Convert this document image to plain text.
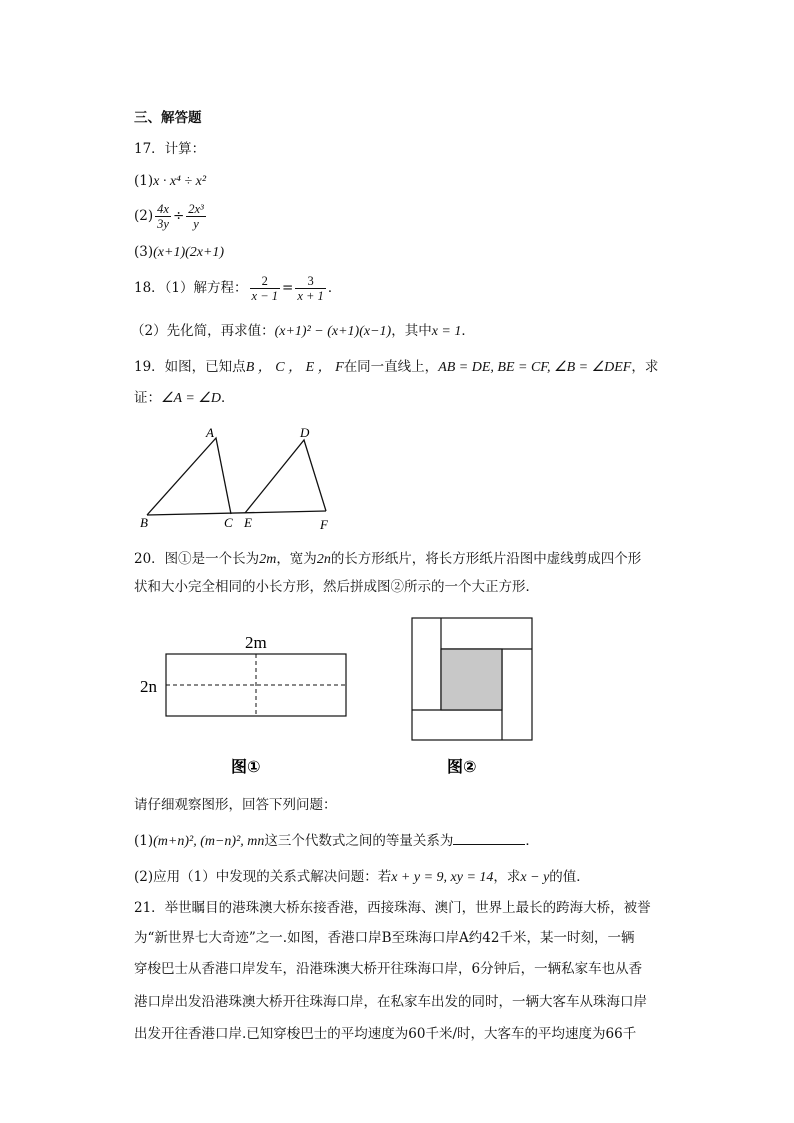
三、解答题
17．计算：
(1)x · x⁴ ÷ x²
$(2) \frac{4x}{3y} \div \frac{\text{2x³}}{y}$
(3)(x+1)(2x+1)
18．（1）解方程： $\frac{2}{x - 1} = \frac{3}{x + 1}$ ．
（2）先化简，再求值：(x+1)² − (x+1)(x−1)，其中x = 1．
19．如图，已知点B ， C ， E ， F在同一直线上，AB = DE, BE = CF, ∠B = ∠DEF，求
证：∠A = ∠D．
A	D
B	C E	F
20．图①是一个长为2m，宽为2n的长方形纸片，将长方形纸片沿图中虚线剪成四个形
状和大小完全相同的小长方形，然后拼成图②所示的一个大正方形．
2m
2n
图①	图②
请仔细观察图形，回答下列问题：
(1)(m+n)², (m−n)², mn这三个代数式之间的等量关系为	．
(2)应用（1）中发现的关系式解决问题：若x + y = 9, xy = 14，求x − y的值．
21．举世瞩目的港珠澳大桥东接香港，西接珠海、澳门，世界上最长的跨海大桥，被誉
为“新世界七大奇迹”之一.如图，香港口岸B至珠海口岸A约42千米，某一时刻，一辆
穿梭巴士从香港口岸发车，沿港珠澳大桥开往珠海口岸，6分钟后，一辆私家车也从香
港口岸出发沿港珠澳大桥开往珠海口岸，在私家车出发的同时，一辆大客车从珠海口岸
出发开往香港口岸.已知穿梭巴士的平均速度为60千米/时，大客车的平均速度为66千
